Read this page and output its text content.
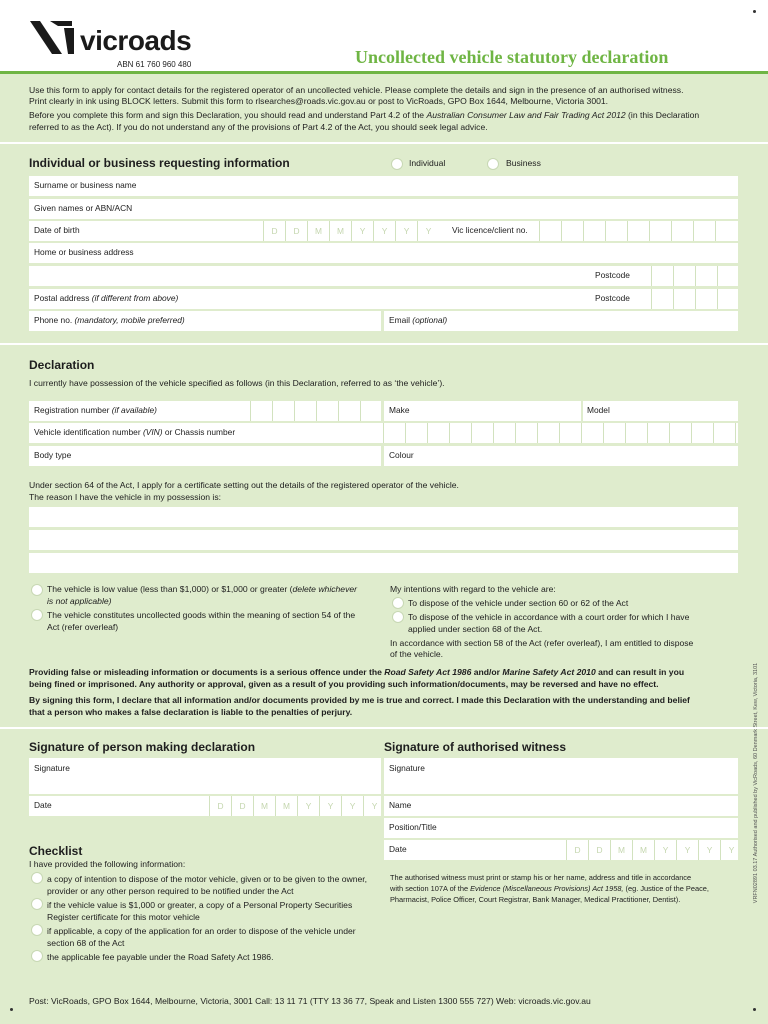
vicroads
ABN 61 760 960 480	Uncollected vehicle statutory declaration
Use this form to apply for contact details for the registered operator of an uncollected vehicle. Please complete the details and sign in the presence of an authorised witness.
Print clearly in ink using BLOCK letters. Submit this form to rlsearches@roads.vic.gov.au or post to VicRoads, GPO Box 1644, Melbourne, Victoria 3001.
Before you complete this form and sign this Declaration, you should read and understand Part 4.2 of the Australian Consumer Law and Fair Trading Act 2012 (in this Declaration
referred to as the Act). If you do not understand any of the provisions of Part 4.2 of the Act, you should seek legal advice.
Individual or business requesting information	Individual	Business
Surname or business name
Given names or ABN/ACN
Date of birth	D	D	M	M	Y	Y	Y	Y	Vic licence/client no.
Home or business address
Postcode
Postal address (if different from above)	Postcode
Phone no. (mandatory, mobile preferred)	Email (optional)
Declaration
I currently have possession of the vehicle specified as follows (in this Declaration, referred to as ‘the vehicle’).
Registration number (if available)	Make	Model
Vehicle identification number (VIN) or Chassis number
Body type	Colour
Under section 64 of the Act, I apply for a certificate setting out the details of the registered operator of the vehicle.
The reason I have the vehicle in my possession is:
The vehicle is low value (less than $1,000) or $1,000 or greater (delete whichever
is not applicable)
The vehicle constitutes uncollected goods within the meaning of section 54 of the
Act (refer overleaf)
My intentions with regard to the vehicle are:
To dispose of the vehicle under section 60 or 62 of the Act
To dispose of the vehicle in accordance with a court order for which I have
applied under section 68 of the Act.
In accordance with section 58 of the Act (refer overleaf), I am entitled to dispose
of the vehicle.
Providing false or misleading information or documents is a serious offence under the Road Safety Act 1986 and/or Marine Safety Act 2010 and can result in you
being fined or imprisoned. Any authority or approval, given as a result of you providing such information/documents, may be reversed and have no effect.
By signing this form, I declare that all information and/or documents provided by me is true and correct. I made this Declaration with the understanding and belief
that a person who makes a false declaration is liable to the penalties of perjury.
Signature of person making declaration	Signature of authorised witness
Signature	Signature
Date	D	D	M	M	Y	Y	Y	Y	Name
Position/Title
Date	D	D	M	M	Y	Y	Y	Y
The authorised witness must print or stamp his or her name, address and title in accordance
with section 107A of the Evidence (Miscellaneous Provisions) Act 1958, (eg. Justice of the Peace,
Pharmacist, Police Officer, Court Registrar, Bank Manager, Medical Practitioner, Dentist).
Checklist
I have provided the following information:
a copy of intention to dispose of the motor vehicle, given or to be given to the owner,
provider or any other person required to be notified under the Act
if the vehicle value is $1,000 or greater, a copy of a Personal Property Securities
Register certificate for this motor vehicle
if applicable, a copy of the application for an order to dispose of the vehicle under
section 68 of the Act
the applicable fee payable under the Road Safety Act 1986.
Post: VicRoads, GPO Box 1644, Melbourne, Victoria, 3001 Call: 13 11 71 (TTY 13 36 77, Speak and Listen 1300 555 727) Web: vicroads.vic.gov.au
VRFN02891 03.17 Authorised and published by VicRoads, 60 Denmark Street, Kew, Victoria, 3101
